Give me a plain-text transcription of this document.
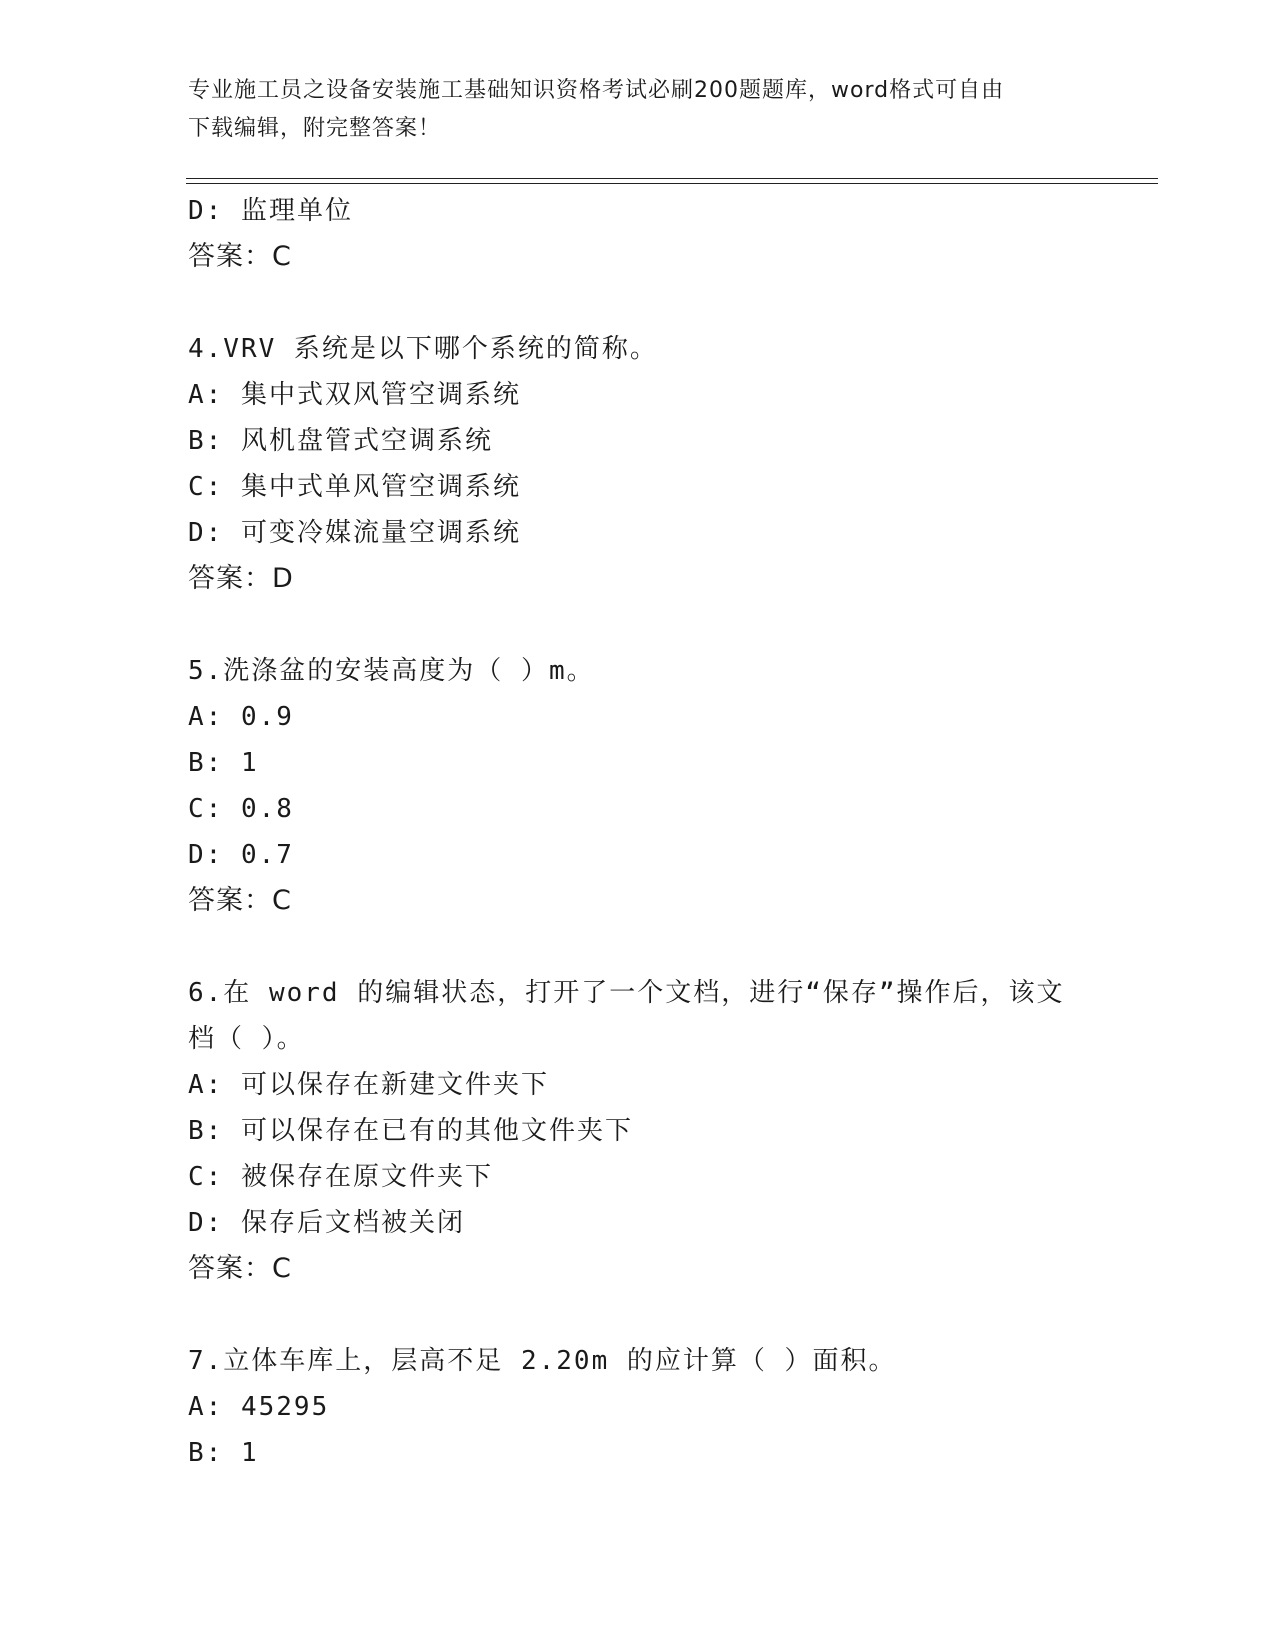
专业施工员之设备安装施工基础知识资格考试必刷200题题库，word格式可自由
下载编辑，附完整答案！
D: 监理单位
答案：C
4.VRV 系统是以下哪个系统的简称。
A: 集中式双风管空调系统
B: 风机盘管式空调系统
C: 集中式单风管空调系统
D: 可变冷媒流量空调系统
答案：D
5.洗涤盆的安装高度为（ ）m。
A: 0.9
B: 1
C: 0.8
D: 0.7
答案：C
6.在 word 的编辑状态，打开了一个文档，进行“保存”操作后，该文
档（ ）。
A: 可以保存在新建文件夹下
B: 可以保存在已有的其他文件夹下
C: 被保存在原文件夹下
D: 保存后文档被关闭
答案：C
7.立体车库上，层高不足 2.20m 的应计算（ ）面积。
A: 45295
B: 1
